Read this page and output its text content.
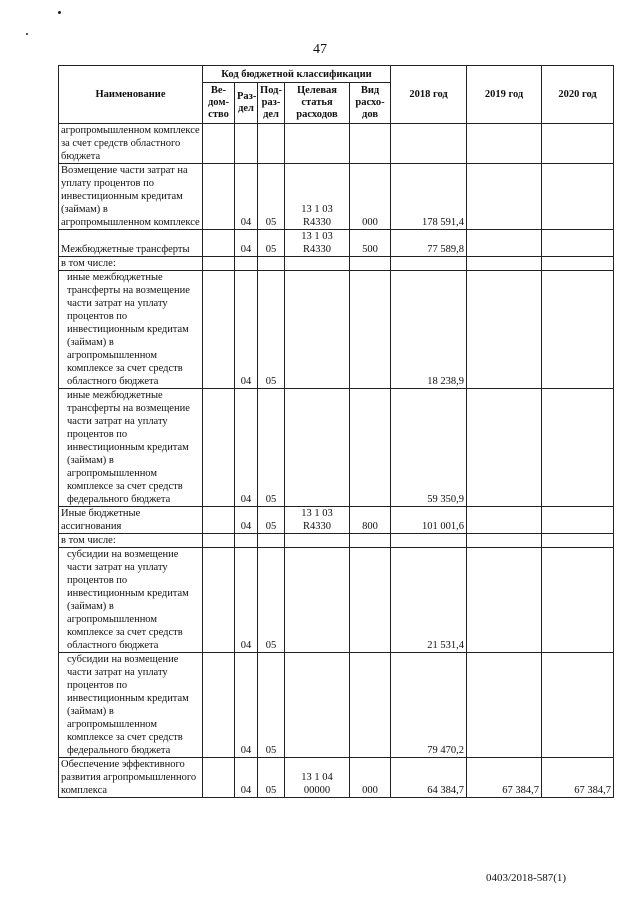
47
Наименование	Код бюджетной классификации					2018 год	2019 год	2020 год
	Ве-дом-ство	Раз-дел	Под-раз-дел	Целевая статья расходов	Вид расхо-дов			
агропромышленном комплексе за счет средств областного бюджета								
Возмещение части затрат на уплату процентов по инвестиционным кредитам (займам) в агропромышленном комплексе		04	05	13 1 03 R4330	000	178 591,4		
Межбюджетные трансферты		04	05	13 1 03 R4330	500	77 589,8		
в том числе:								
иные межбюджетные трансферты на возмещение части затрат на уплату процентов по инвестиционным кредитам (займам) в агропромышленном комплексе за счет средств областного бюджета		04	05			18 238,9		
иные межбюджетные трансферты на возмещение части затрат на уплату процентов по инвестиционным кредитам (займам) в агропромышленном комплексе за счет средств федерального бюджета		04	05			59 350,9		
Иные бюджетные ассигнования		04	05	13 1 03 R4330	800	101 001,6		
в том числе:								
субсидии на возмещение части затрат на уплату процентов по инвестиционным кредитам (займам) в агропромышленном комплексе за счет средств областного бюджета		04	05			21 531,4		
субсидии на возмещение части затрат на уплату процентов по инвестиционным кредитам (займам) в агропромышленном комплексе за счет средств федерального бюджета		04	05			79 470,2		
Обеспечение эффективного развития агропромышленного комплекса		04	05	13 1 04 00000	000	64 384,7	67 384,7	67 384,7
0403/2018-587(1)
